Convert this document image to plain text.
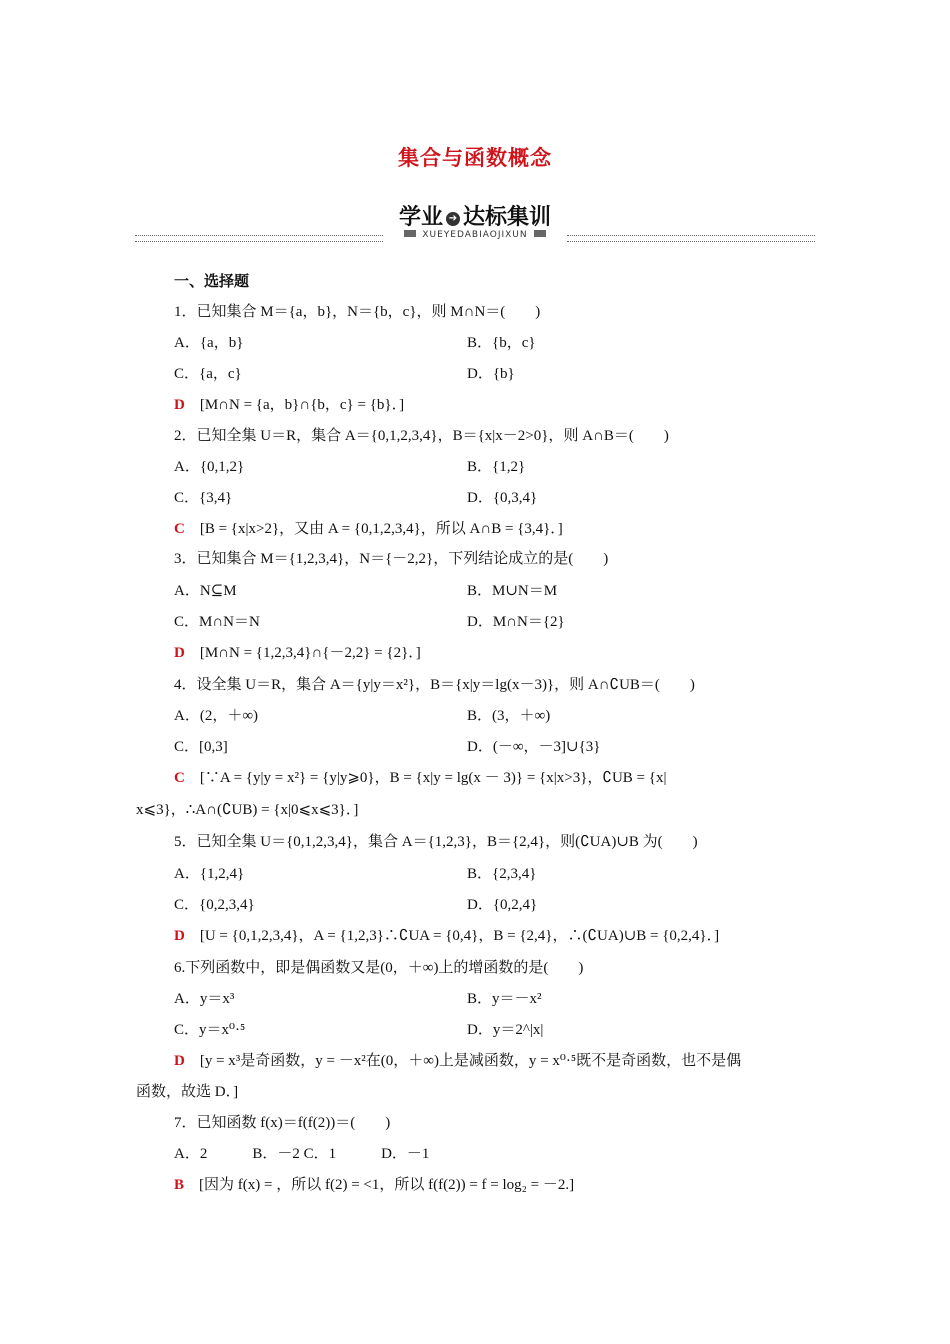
集合与函数概念
学业 ➔ 达标集训
XUEYEDABIAOJIXUN
一、选择题
1．已知集合 M＝{a，b}，N＝{b，c}，则 M∩N＝(　　)
A．{a，b}	B．{b，c}
C．{a，c}	D．{b}
D　[M∩N = {a，b}∩{b，c} = {b}．]
2．已知全集 U＝R，集合 A＝{0,1,2,3,4}，B＝{x|x－2>0}，则 A∩B＝(　　)
A．{0,1,2}	B．{1,2}
C．{3,4}	D．{0,3,4}
C　[B = {x|x>2}，又由 A = {0,1,2,3,4}，所以 A∩B = {3,4}．]
3．已知集合 M＝{1,2,3,4}，N＝{－2,2}，下列结论成立的是(　　)
A．N⊆M	B．M∪N＝M
C．M∩N＝N	D．M∩N＝{2}
D　[M∩N = {1,2,3,4}∩{－2,2} = {2}．]
4．设全集 U＝R，集合 A＝{y|y＝x²}，B＝{x|y＝lg(x－3)}，则 A∩∁UB＝(　　)
A．(2，＋∞)	B．(3，＋∞)
C．[0,3]	D．(－∞，－3]∪{3}
C　[∵A = {y|y = x²} = {y|y⩾0}，B = {x|y = lg(x － 3)} = {x|x>3}，∁UB = {x|
x⩽3}，∴A∩(∁UB) = {x|0⩽x⩽3}．]
5．已知全集 U＝{0,1,2,3,4}，集合 A＝{1,2,3}，B＝{2,4}，则(∁UA)∪B 为(　　)
A．{1,2,4}	B．{2,3,4}
C．{0,2,3,4}	D．{0,2,4}
D　[U = {0,1,2,3,4}，A = {1,2,3}∴∁UA = {0,4}，B = {2,4}，∴(∁UA)∪B = {0,2,4}．]
6.下列函数中，即是偶函数又是(0，＋∞)上的增函数的是(　　)
A．y＝x³	B．y＝－x²
C．y＝x⁰·⁵	D．y＝2^|x|
D　[y = x³是奇函数，y = －x²在(0，＋∞)上是减函数，y = x⁰·⁵既不是奇函数，也不是偶
函数，故选 D．]
7．已知函数 f(x)＝f(f(2))＝(　　)
A．2　　　B．－2 C．1　　　D．－1
B　[因为 f(x) = ，所以 f(2) = <1，所以 f(f(2)) = f = log₂ = －2.]
